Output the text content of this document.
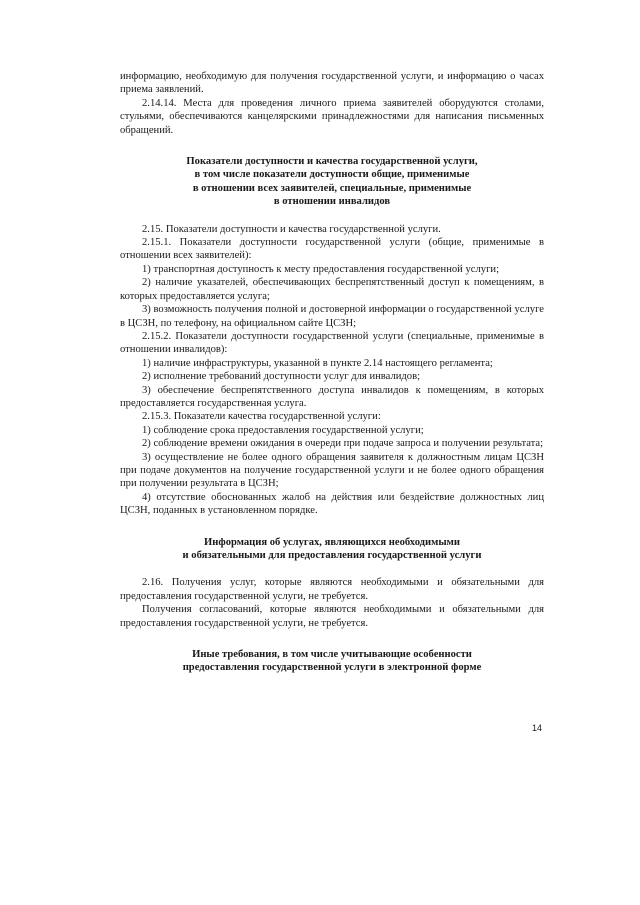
информацию, необходимую для получения государственной услуги, и информацию о часах приема заявлений.

2.14.14. Места для проведения личного приема заявителей оборудуются столами, стульями, обеспечиваются канцелярскими принадлежностями для написания письменных обращений.

Показатели доступности и качества государственной услуги,

в том числе показатели доступности общие, применимые

в отношении всех заявителей, специальные, применимые

в отношении инвалидов

2.15. Показатели доступности и качества государственной услуги.

2.15.1. Показатели доступности государственной услуги (общие, применимые в отношении всех заявителей):

1) транспортная доступность к месту предоставления государственной услуги;

2) наличие указателей, обеспечивающих беспрепятственный доступ к помещениям, в которых предоставляется услуга;

3) возможность получения полной и достоверной информации о государственной услуге в ЦСЗН, по телефону, на официальном сайте ЦСЗН;

2.15.2. Показатели доступности государственной услуги (специальные, применимые в отношении инвалидов):

1) наличие инфраструктуры, указанной в пункте 2.14 настоящего регламента;

2) исполнение требований доступности услуг для инвалидов;

3) обеспечение беспрепятственного доступа инвалидов к помещениям, в которых предоставляется государственная услуга.

2.15.3. Показатели качества государственной услуги:

1) соблюдение срока предоставления государственной услуги;

2) соблюдение времени ожидания в очереди при подаче запроса и получении результата;

3) осуществление не более одного обращения заявителя к должностным лицам ЦСЗН при подаче документов на получение государственной услуги и не более одного обращения при получении результата в ЦСЗН;

4) отсутствие обоснованных жалоб на действия или бездействие должностных лиц ЦСЗН, поданных в установленном порядке.

Информация об услугах, являющихся необходимыми

и обязательными для предоставления государственной услуги

2.16. Получения услуг, которые являются необходимыми и обязательными для предоставления государственной услуги, не требуется.

Получения согласований, которые являются необходимыми и обязательными для предоставления государственной услуги, не требуется.

Иные требования, в том числе учитывающие особенности

предоставления государственной услуги в электронной форме

14
